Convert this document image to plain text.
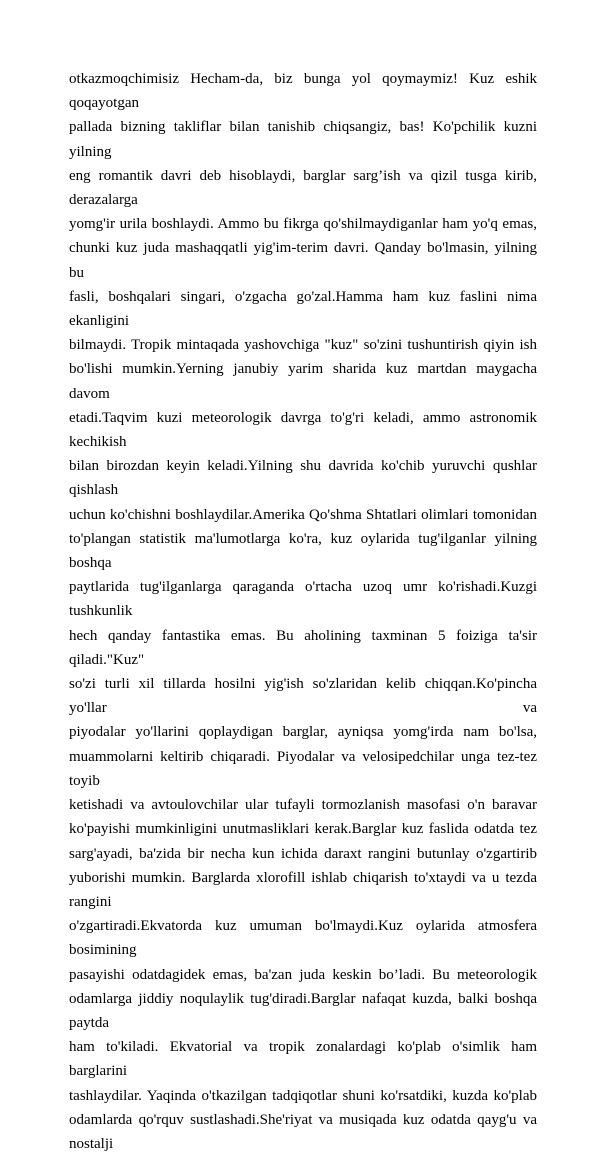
otkazmoqchimisiz Hecham-da, biz bunga yol qoymaymiz! Kuz eshik qoqayotgan
pallada bizning takliflar bilan tanishib chiqsangiz, bas! Ko'pchilik kuzni yilning
eng romantik davri deb hisoblaydi, barglar sarg’ish va qizil tusga kirib, derazalarga
yomg'ir urila boshlaydi. Ammo bu fikrga qo'shilmaydiganlar ham yo'q emas,
chunki kuz juda mashaqqatli yig'im-terim davri. Qanday bo'lmasin, yilning bu
fasli, boshqalari singari, o'zgacha go'zal.Hamma ham kuz faslini nima ekanligini
bilmaydi. Tropik mintaqada yashovchiga "kuz" so'zini tushuntirish qiyin ish
bo'lishi mumkin.Yerning janubiy yarim sharida kuz martdan maygacha davom
etadi.Taqvim kuzi meteorologik davrga to'g'ri keladi, ammo astronomik kechikish
bilan birozdan keyin keladi.Yilning shu davrida ko'chib yuruvchi qushlar qishlash
uchun ko'chishni boshlaydilar.Amerika Qo'shma Shtatlari olimlari tomonidan
to'plangan statistik ma'lumotlarga ko'ra, kuz oylarida tug'ilganlar yilning boshqa
paytlarida tug'ilganlarga qaraganda o'rtacha uzoq umr ko'rishadi.Kuzgi tushkunlik
hech qanday fantastika emas. Bu aholining taxminan 5 foiziga ta'sir qiladi."Kuz"
so'zi turli xil tillarda hosilni yig'ish so'zlaridan kelib chiqqan.Ko'pincha yo'llar va
piyodalar yo'llarini qoplaydigan barglar, ayniqsa yomg'irda nam bo'lsa,
muammolarni keltirib chiqaradi. Piyodalar va velosipedchilar unga tez-tez toyib
ketishadi va avtoulovchilar ular tufayli tormozlanish masofasi o'n baravar
ko'payishi mumkinligini unutmasliklari kerak.Barglar kuz faslida odatda tez
sarg'ayadi, ba'zida bir necha kun ichida daraxt rangini butunlay o'zgartirib
yuborishi mumkin. Barglarda xlorofill ishlab chiqarish to'xtaydi va u tezda rangini
o'zgartiradi.Ekvatorda kuz umuman bo'lmaydi.Kuz oylarida atmosfera bosimining
pasayishi odatdagidek emas, ba'zan juda keskin bo’ladi. Bu meteorologik
odamlarga jiddiy noqulaylik tug'diradi.Barglar nafaqat kuzda, balki boshqa paytda
ham to'kiladi. Ekvatorial va tropik zonalardagi ko'plab o'simlik ham barglarini
tashlaydilar. Yaqinda o'tkazilgan tadqiqotlar shuni ko'rsatdiki, kuzda ko'plab
odamlarda qo'rquv sustlashadi.She'riyat va musiqada kuz odatda qayg'u va nostalji
